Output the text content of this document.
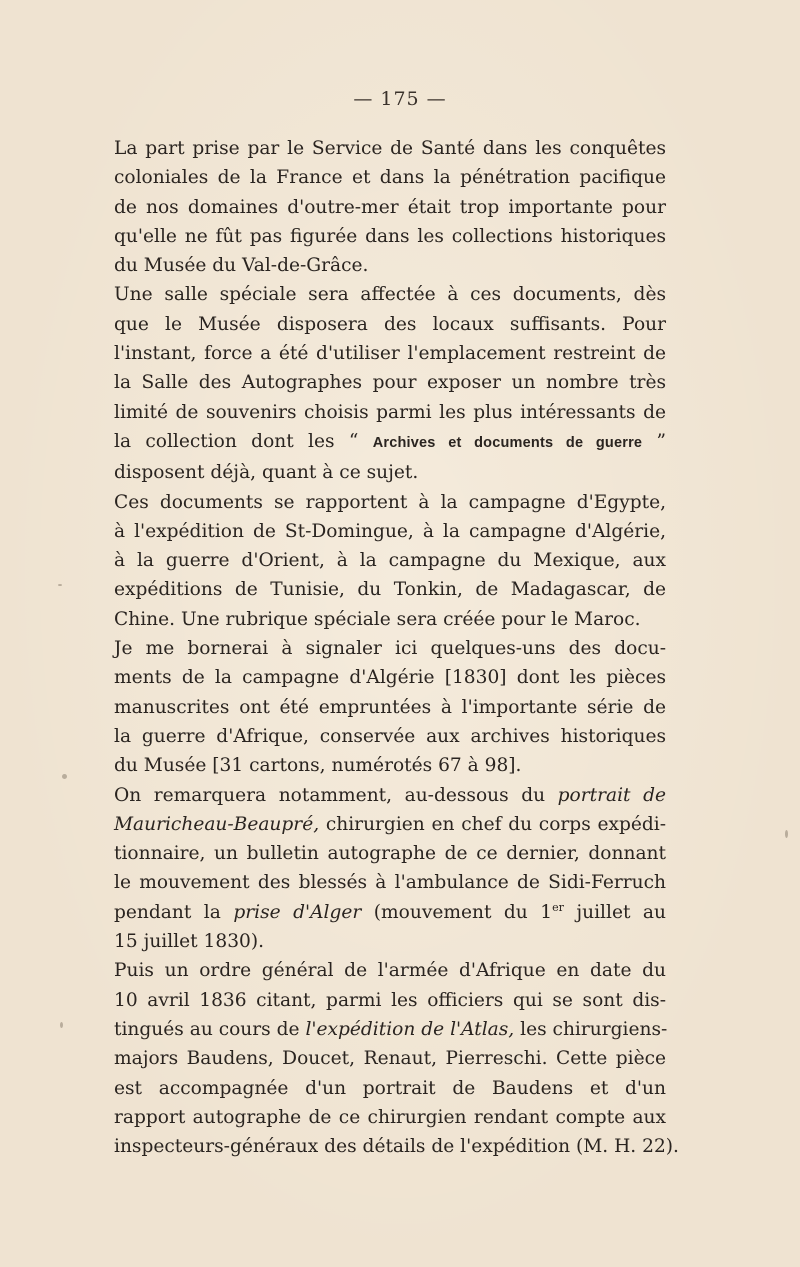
— 175 —

La part prise par le Service de Santé dans les conquêtes
coloniales de la France et dans la pénétration pacifique
de nos domaines d'outre-mer était trop importante pour
qu'elle ne fût pas figurée dans les collections historiques
du Musée du Val-de-Grâce.

Une salle spéciale sera affectée à ces documents, dès
que le Musée disposera des locaux suffisants. Pour
l'instant, force a été d'utiliser l'emplacement restreint de
la Salle des Autographes pour exposer un nombre très
limité de souvenirs choisis parmi les plus intéressants de
la collection dont les “ Archives et documents de guerre ”
disposent déjà, quant à ce sujet.

Ces documents se rapportent à la campagne d'Egypte,
à l'expédition de St-Domingue, à la campagne d'Algérie,
à la guerre d'Orient, à la campagne du Mexique, aux
expéditions de Tunisie, du Tonkin, de Madagascar, de
Chine. Une rubrique spéciale sera créée pour le Maroc.

Je me bornerai à signaler ici quelques-uns des docu-
ments de la campagne d'Algérie [1830] dont les pièces
manuscrites ont été empruntées à l'importante série de
la guerre d'Afrique, conservée aux archives historiques
du Musée [31 cartons, numérotés 67 à 98].

On remarquera notamment, au-dessous du portrait de
Mauricheau-Beaupré, chirurgien en chef du corps expédi-
tionnaire, un bulletin autographe de ce dernier, donnant
le mouvement des blessés à l'ambulance de Sidi-Ferruch
pendant la prise d'Alger (mouvement du 1er juillet au
15 juillet 1830).

Puis un ordre général de l'armée d'Afrique en date du
10 avril 1836 citant, parmi les officiers qui se sont dis-
tingués au cours de l'expédition de l'Atlas, les chirurgiens-
majors Baudens, Doucet, Renaut, Pierreschi. Cette pièce
est accompagnée d'un portrait de Baudens et d'un
rapport autographe de ce chirurgien rendant compte aux
inspecteurs-généraux des détails de l'expédition (M. H. 22).
